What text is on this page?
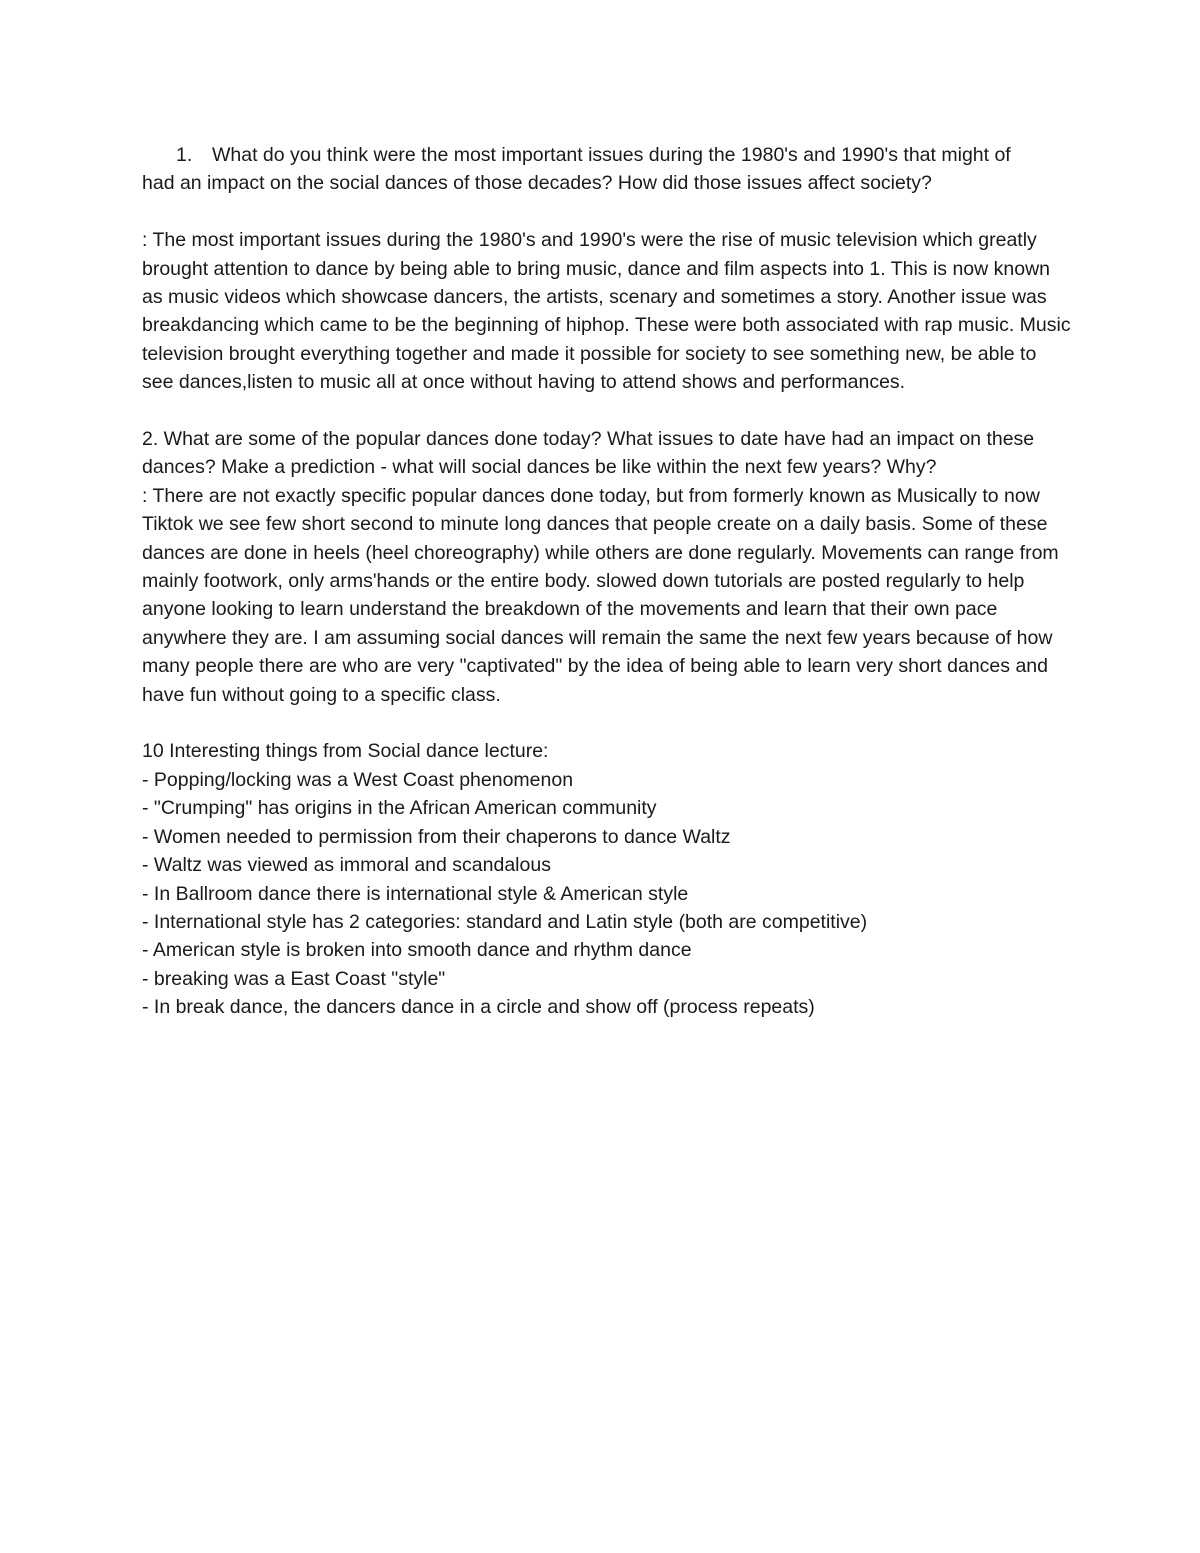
1.	What do you think were the most important issues during the 1980's and 1990's that might of

had an impact on the social dances of those decades? How did those issues affect society?

: The most important issues during the 1980's and 1990's were the rise of music television which greatly brought attention to dance by being able to bring music, dance and film aspects into 1. This is now known as music videos which showcase dancers, the artists, scenary and sometimes a story. Another issue was breakdancing which came to be the beginning of hiphop. These were both associated with rap music. Music television brought everything together and made it possible for society to see something new, be able to see dances,listen to music all at once without having to attend shows and performances.

2. What are some of the popular dances done today? What issues to date have had an impact on these dances? Make a prediction - what will social dances be like within the next few years? Why?

: There are not exactly specific popular dances done today, but from formerly known as Musically to now Tiktok we see few short second to minute long dances that people create on a daily basis. Some of these dances are done in heels (heel choreography) while others are done regularly. Movements can range from mainly footwork, only arms'hands or the entire body. slowed down tutorials are posted regularly to help anyone looking to learn understand the breakdown of the movements and learn that their own pace anywhere they are. I am assuming social dances will remain the same the next few years because of how many people there are who are very "captivated" by the idea of being able to learn very short dances and have fun without going to a specific class.

10 Interesting things from Social dance lecture:

- Popping/locking was a West Coast phenomenon
- "Crumping" has origins in the African American community
- Women needed to permission from their chaperons to dance Waltz
- Waltz was viewed as immoral and scandalous
- In Ballroom dance there is international style & American style
- International style has 2 categories: standard and Latin style (both are competitive)
- American style is broken into smooth dance and rhythm dance
- breaking was a East Coast "style"
- In break dance, the dancers dance in a circle and show off (process repeats)
